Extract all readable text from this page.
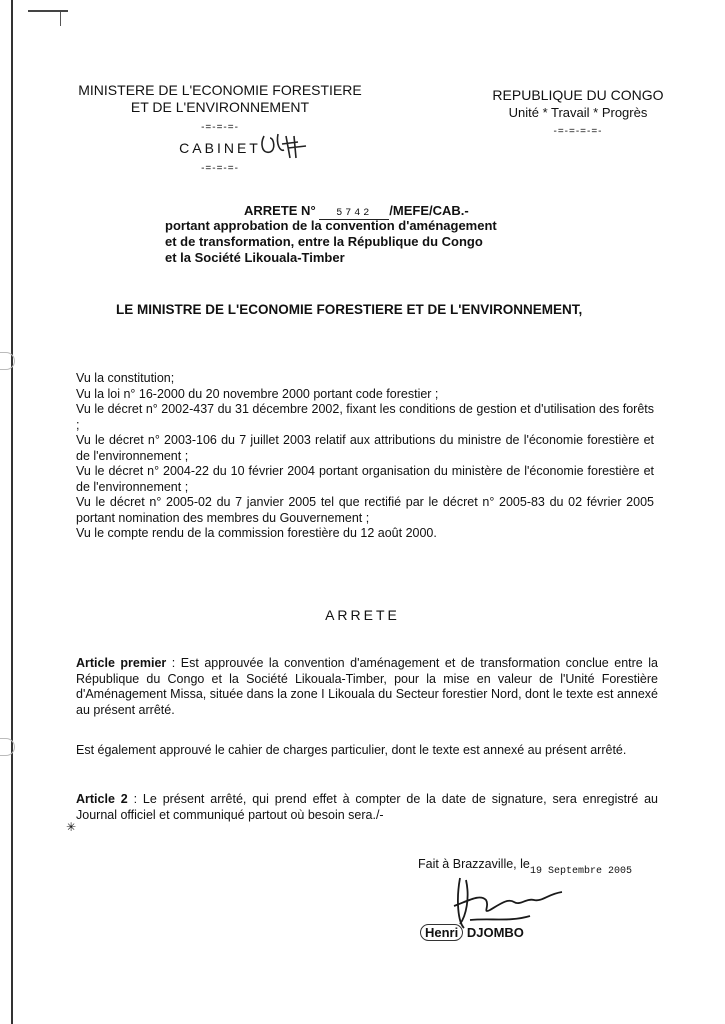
MINISTERE DE L'ECONOMIE FORESTIERE
ET DE L'ENVIRONNEMENT
-=-=-=-
CABINET
-=-=-=-
REPUBLIQUE DU CONGO
Unité * Travail * Progrès
-=-=-=-=-
ARRETE N° 5742 /MEFE/CAB.-
portant approbation de la convention d'aménagement
et de transformation, entre la République du Congo
et la Société Likouala-Timber
LE MINISTRE DE L'ECONOMIE FORESTIERE ET DE L'ENVIRONNEMENT,

Vu la constitution;

Vu la loi n° 16-2000 du 20 novembre 2000 portant code forestier ;

Vu le décret n° 2002-437 du 31 décembre 2002, fixant les conditions de gestion et d'utilisation des forêts ;

Vu le décret n° 2003-106 du 7 juillet 2003 relatif aux attributions du ministre de l'économie forestière et de l'environnement ;

Vu le décret n° 2004-22 du 10 février 2004 portant organisation du ministère de l'économie forestière et de l'environnement ;

Vu le décret n° 2005-02 du 7 janvier 2005 tel que rectifié par le décret n° 2005-83 du 02 février 2005 portant nomination des membres du Gouvernement ;

Vu le compte rendu de la commission forestière du 12 août 2000.

ARRETE
Article premier : Est approuvée la convention d'aménagement et de transformation conclue entre la République du Congo et la Société Likouala-Timber, pour la mise en valeur de l'Unité Forestière d'Aménagement Missa, située dans la zone I Likouala du Secteur forestier Nord, dont le texte est annexé au présent arrêté.
Est également approuvé le cahier de charges particulier, dont le texte est annexé au présent arrêté.
Article 2 : Le présent arrêté, qui prend effet à compter de la date de signature, sera enregistré au Journal officiel et communiqué partout où besoin sera./-
✳
Fait à Brazzaville, le
19 Septembre 2005
Henri DJOMBO
